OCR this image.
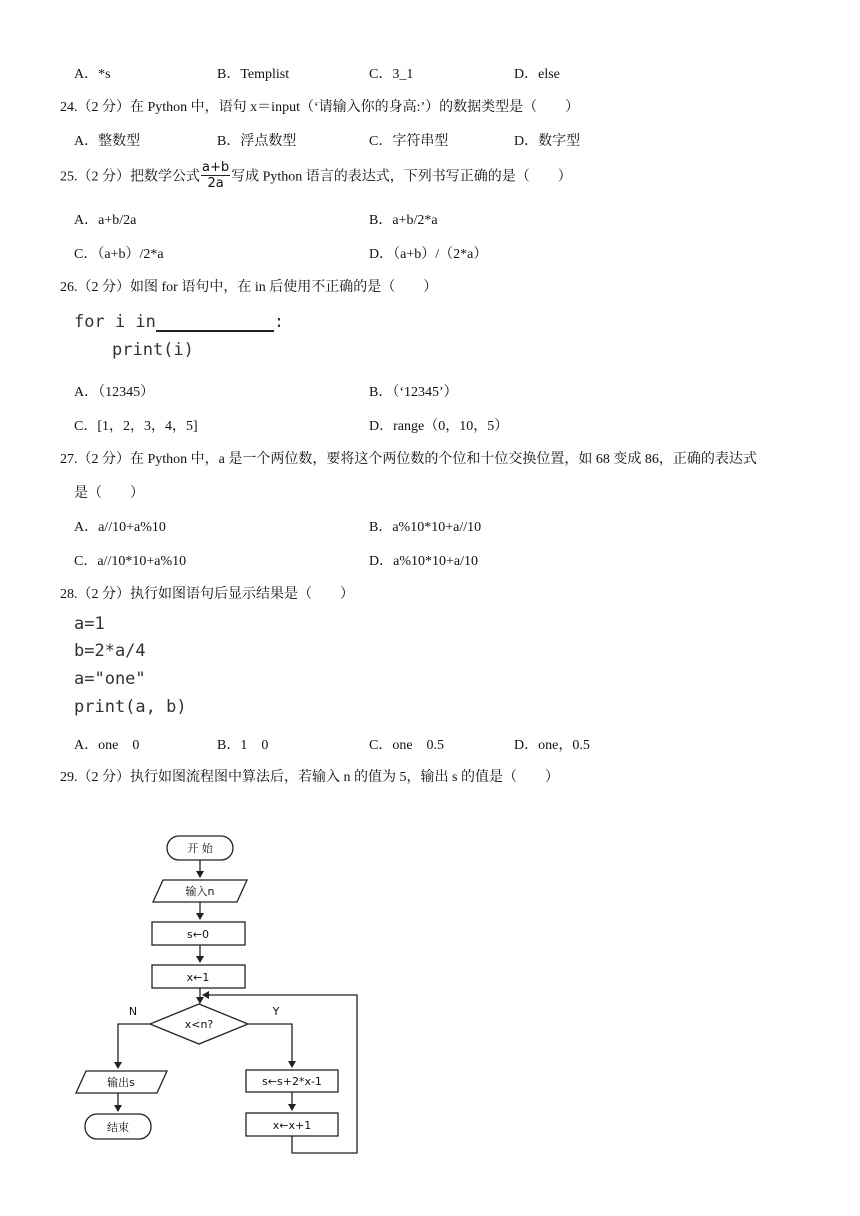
A．*s	B．Templist	C．3_1	D．else
24.（2 分）在 Python 中，语句 x＝input（‘请输入你的身高:’）的数据类型是（　　）
A．整数型	B．浮点数型	C．字符串型	D．数字型
25.（2 分）把数学公式 $\frac{a+b}{2a}$ 写成 Python 语言的表达式，下列书写正确的是（　　）
A．a+b/2a	B．a+b/2*a
C．（a+b）/2*a	D．（a+b）/（2*a）
26.（2 分）如图 for 语句中，在 in 后使用不正确的是（　　）
for i in	:
print(i)
A．（12345）	B．（‘12345’）
C．[1，2，3，4，5]	D．range（0，10，5）
27.（2 分）在 Python 中，a 是一个两位数，要将这个两位数的个位和十位交换位置，如 68 变成 86，正确的表达式
是（　　）
A．a//10+a%10	B．a%10*10+a//10
C．a//10*10+a%10	D．a%10*10+a/10
28.（2 分）执行如图语句后显示结果是（　　）
a=1
b=2*a/4
a="one"
print(a, b)
A．one　0	B．1　0	C．one　0.5	D．one，0.5
29.（2 分）执行如图流程图中算法后，若输入 n 的值为 5，输出 s 的值是（　　）
开 始
输入n
s←0
x←1
x<n?
N	Y
输出s
结束
s←s+2*x-1
x←x+1
